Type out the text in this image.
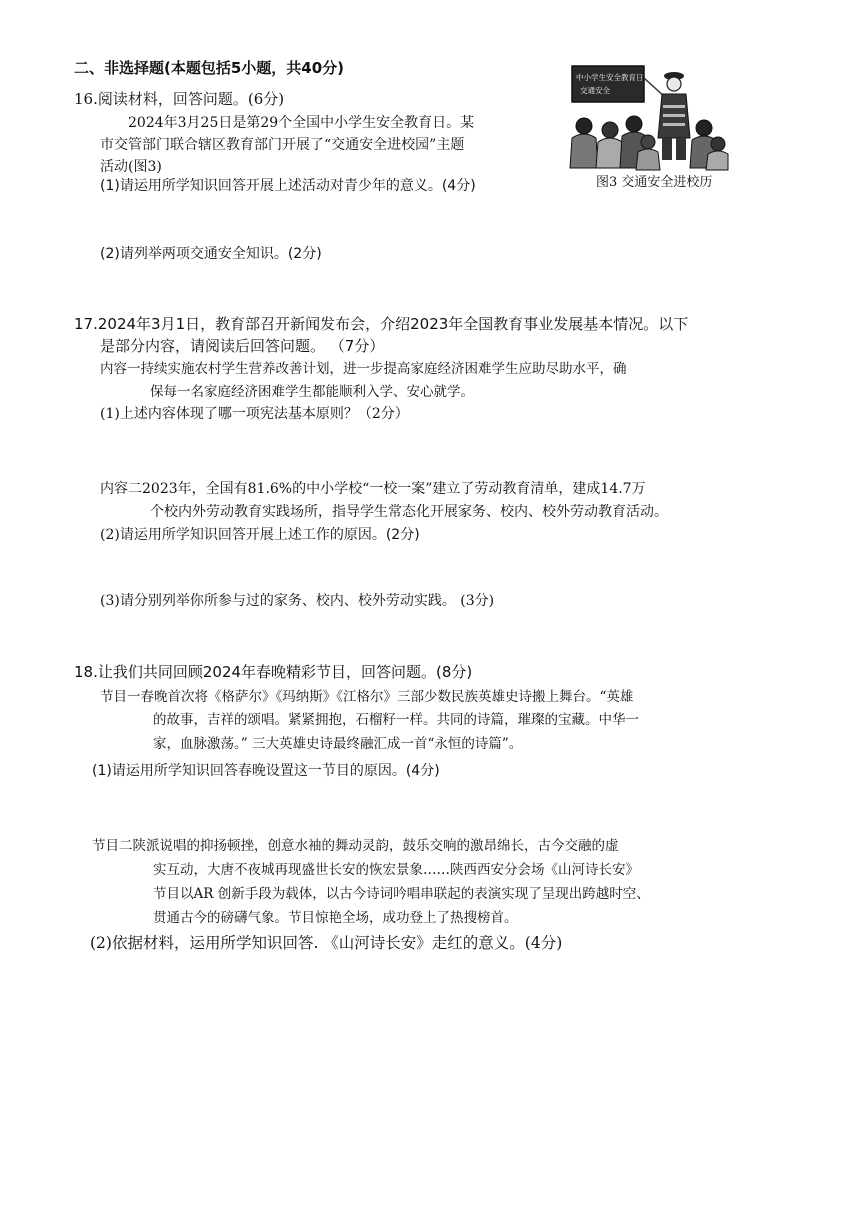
二、非选择题(本题包括5小题，共40分)
16.阅读材料，回答问题。(6分)
2024年3月25日是第29个全国中小学生安全教育日。某
市交管部门联合辖区教育部门开展了“交通安全进校园”主题
活动(图3)
(1)请运用所学知识回答开展上述活动对青少年的意义。(4分)
(2)请列举两项交通安全知识。(2分)
中小学生安全教育日
交通安全
图3 交通安全进校历
17.2024年3月1日，教育部召开新闻发布会，介绍2023年全国教育事业发展基本情况。以下
是部分内容，请阅读后回答问题。 （7分）
内容一持续实施农村学生营养改善计划，进一步提高家庭经济困难学生应助尽助水平，确
保每一名家庭经济困难学生都能顺利入学、安心就学。
(1)上述内容体现了哪一项宪法基本原则？（2分）
内容二2023年，全国有81.6%的中小学校“一校一案”建立了劳动教育清单，建成14.7万
个校内外劳动教育实践场所，指导学生常态化开展家务、校内、校外劳动教育活动。
(2)请运用所学知识回答开展上述工作的原因。(2分)
(3)请分别列举你所参与过的家务、校内、校外劳动实践。 (3分)
18.让我们共同回顾2024年春晚精彩节目，回答问题。(8分)
节目一春晚首次将《格萨尔》《玛纳斯》《江格尔》三部少数民族英雄史诗搬上舞台。“英雄
的故事，吉祥的颂唱。紧紧拥抱，石榴籽一样。共同的诗篇，璀璨的宝藏。中华一
家，血脉激荡。” 三大英雄史诗最终融汇成一首“永恒的诗篇”。
(1)请运用所学知识回答春晚设置这一节目的原因。(4分)
节目二陕派说唱的抑扬顿挫，创意水袖的舞动灵韵，鼓乐交响的激昂绵长，古今交融的虚
实互动，大唐不夜城再现盛世长安的恢宏景象……陕西西安分会场《山河诗长安》
节目以AR 创新手段为载体，以古今诗词吟唱串联起的表演实现了呈现出跨越时空、
贯通古今的磅礴气象。节目惊艳全场，成功登上了热搜榜首。
(2)依据材料，运用所学知识回答. 《山河诗长安》走红的意义。(4分)
